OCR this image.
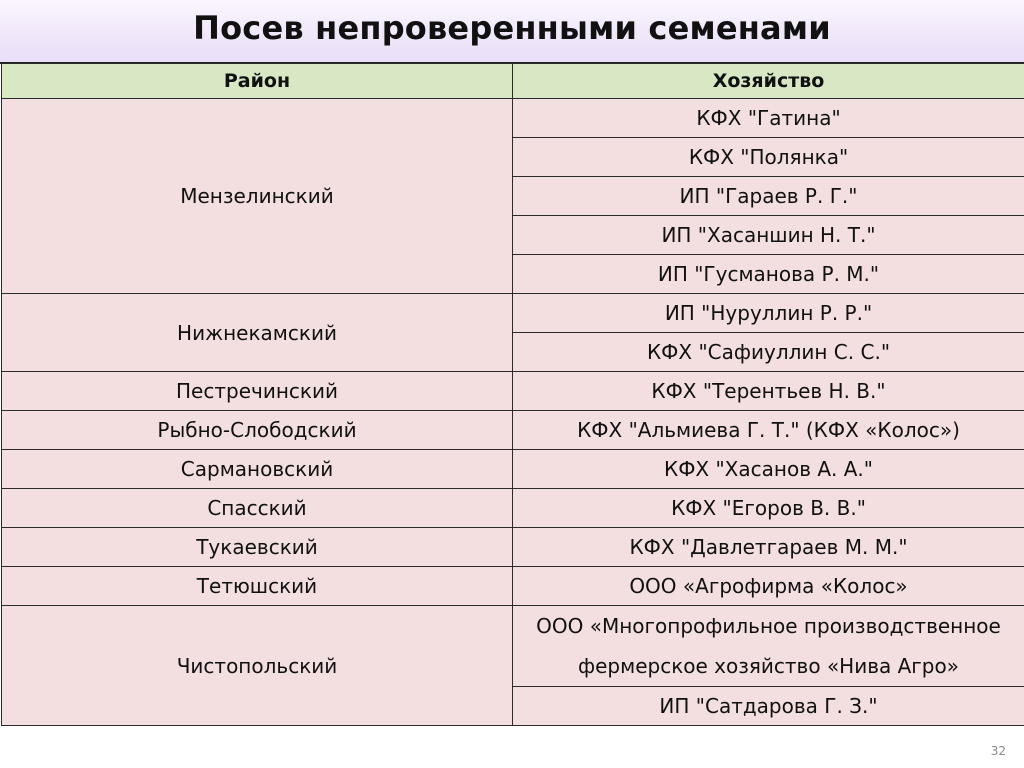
Посев непроверенными семенами
Район	Хозяйство
Мензелинский	КФХ "Гатина"
	КФХ "Полянка"
	ИП "Гараев Р. Г."
	ИП "Хасаншин Н. Т."
	ИП "Гусманова Р. М."
Нижнекамский	ИП "Нуруллин Р. Р."
	КФХ "Сафиуллин С. С."
Пестречинский	КФХ "Терентьев Н. В."
Рыбно-Слободский	КФХ "Альмиева Г. Т." (КФХ «Колос»)
Сармановский	КФХ "Хасанов А. А."
Спасский	КФХ "Егоров В. В."
Тукаевский	КФХ "Давлетгараев М. М."
Тетюшский	ООО «Агрофирма «Колос»
Чистопольский	ООО «Многопрофильное производственное фермерское хозяйство «Нива Агро»
	ИП "Сатдарова Г. З."
32
